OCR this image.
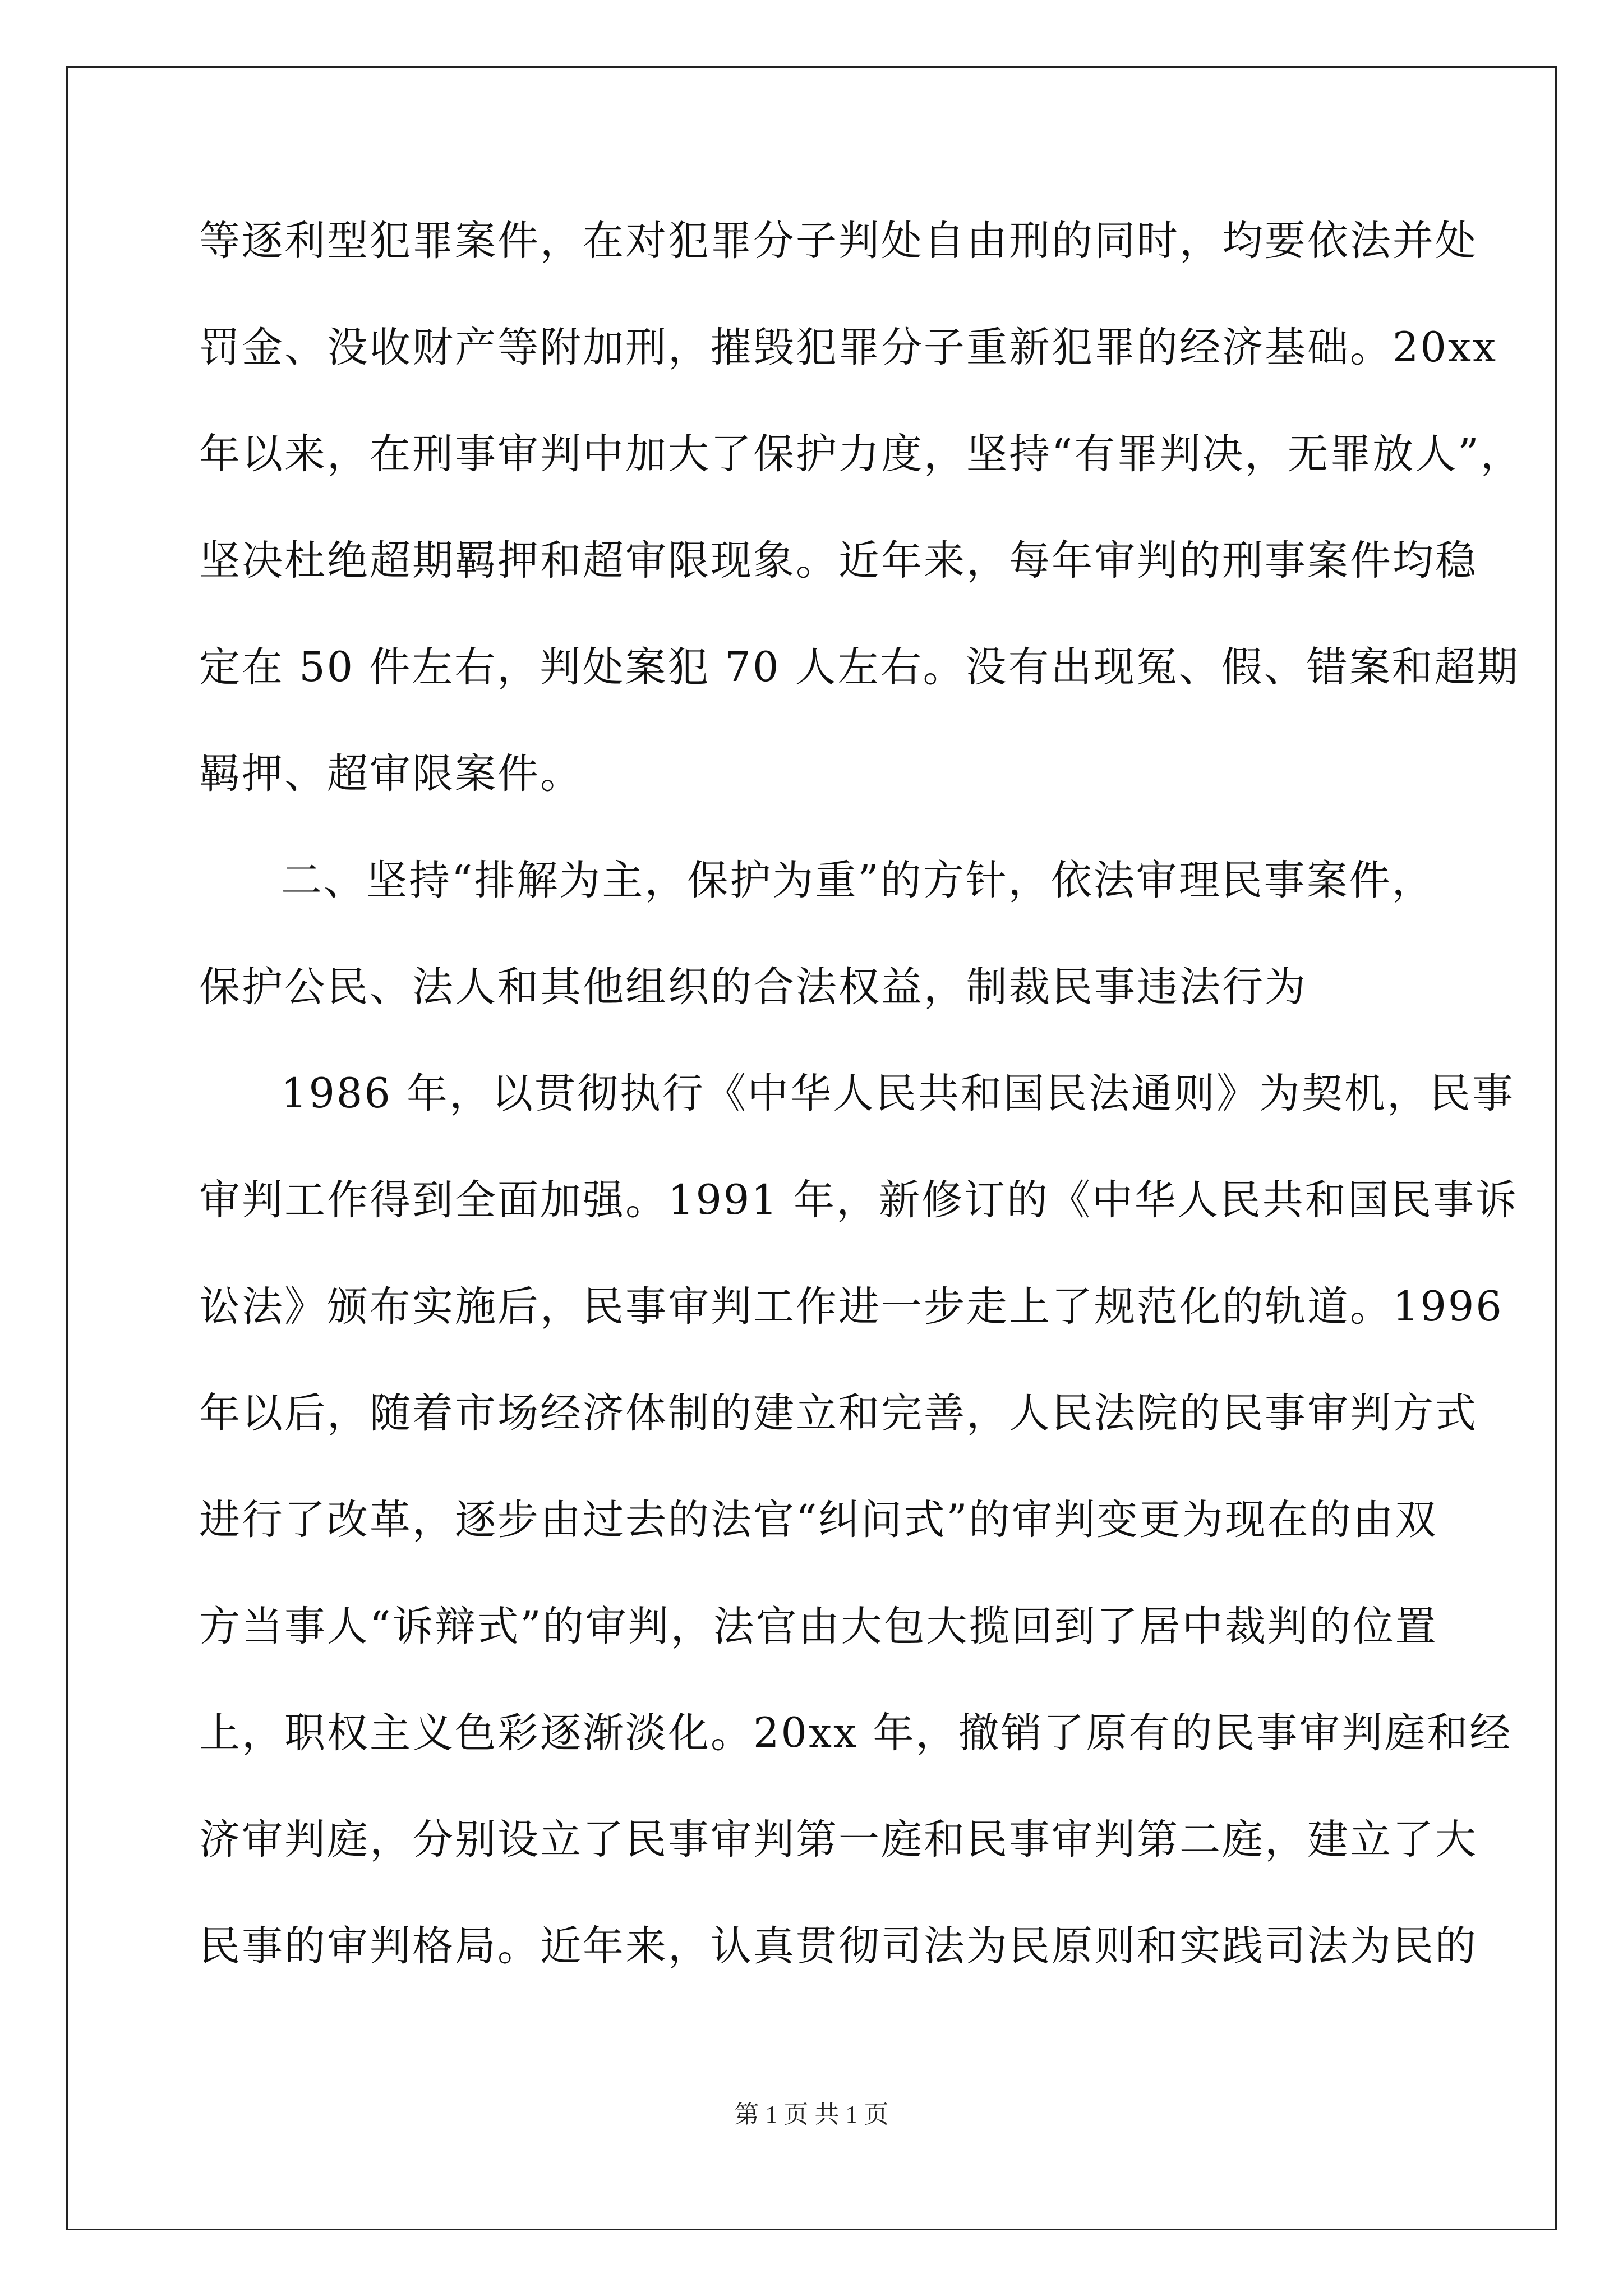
等逐利型犯罪案件，在对犯罪分子判处自由刑的同时，均要依法并处
罚金、没收财产等附加刑，摧毁犯罪分子重新犯罪的经济基础。20xx
年以来，在刑事审判中加大了保护力度，坚持“有罪判决，无罪放人”，
坚决杜绝超期羁押和超审限现象。近年来，每年审判的刑事案件均稳
定在 50 件左右，判处案犯 70 人左右。没有出现冤、假、错案和超期
羁押、超审限案件。
二、坚持“排解为主，保护为重”的方针，依法审理民事案件，
保护公民、法人和其他组织的合法权益，制裁民事违法行为
1986 年，以贯彻执行《中华人民共和国民法通则》为契机，民事
审判工作得到全面加强。1991 年，新修订的《中华人民共和国民事诉
讼法》颁布实施后，民事审判工作进一步走上了规范化的轨道。1996
年以后，随着市场经济体制的建立和完善，人民法院的民事审判方式
进行了改革，逐步由过去的法官“纠问式”的审判变更为现在的由双
方当事人“诉辩式”的审判，法官由大包大揽回到了居中裁判的位置
上，职权主义色彩逐渐淡化。20xx 年，撤销了原有的民事审判庭和经
济审判庭，分别设立了民事审判第一庭和民事审判第二庭，建立了大
民事的审判格局。近年来，认真贯彻司法为民原则和实践司法为民的
第 1 页 共 1 页
